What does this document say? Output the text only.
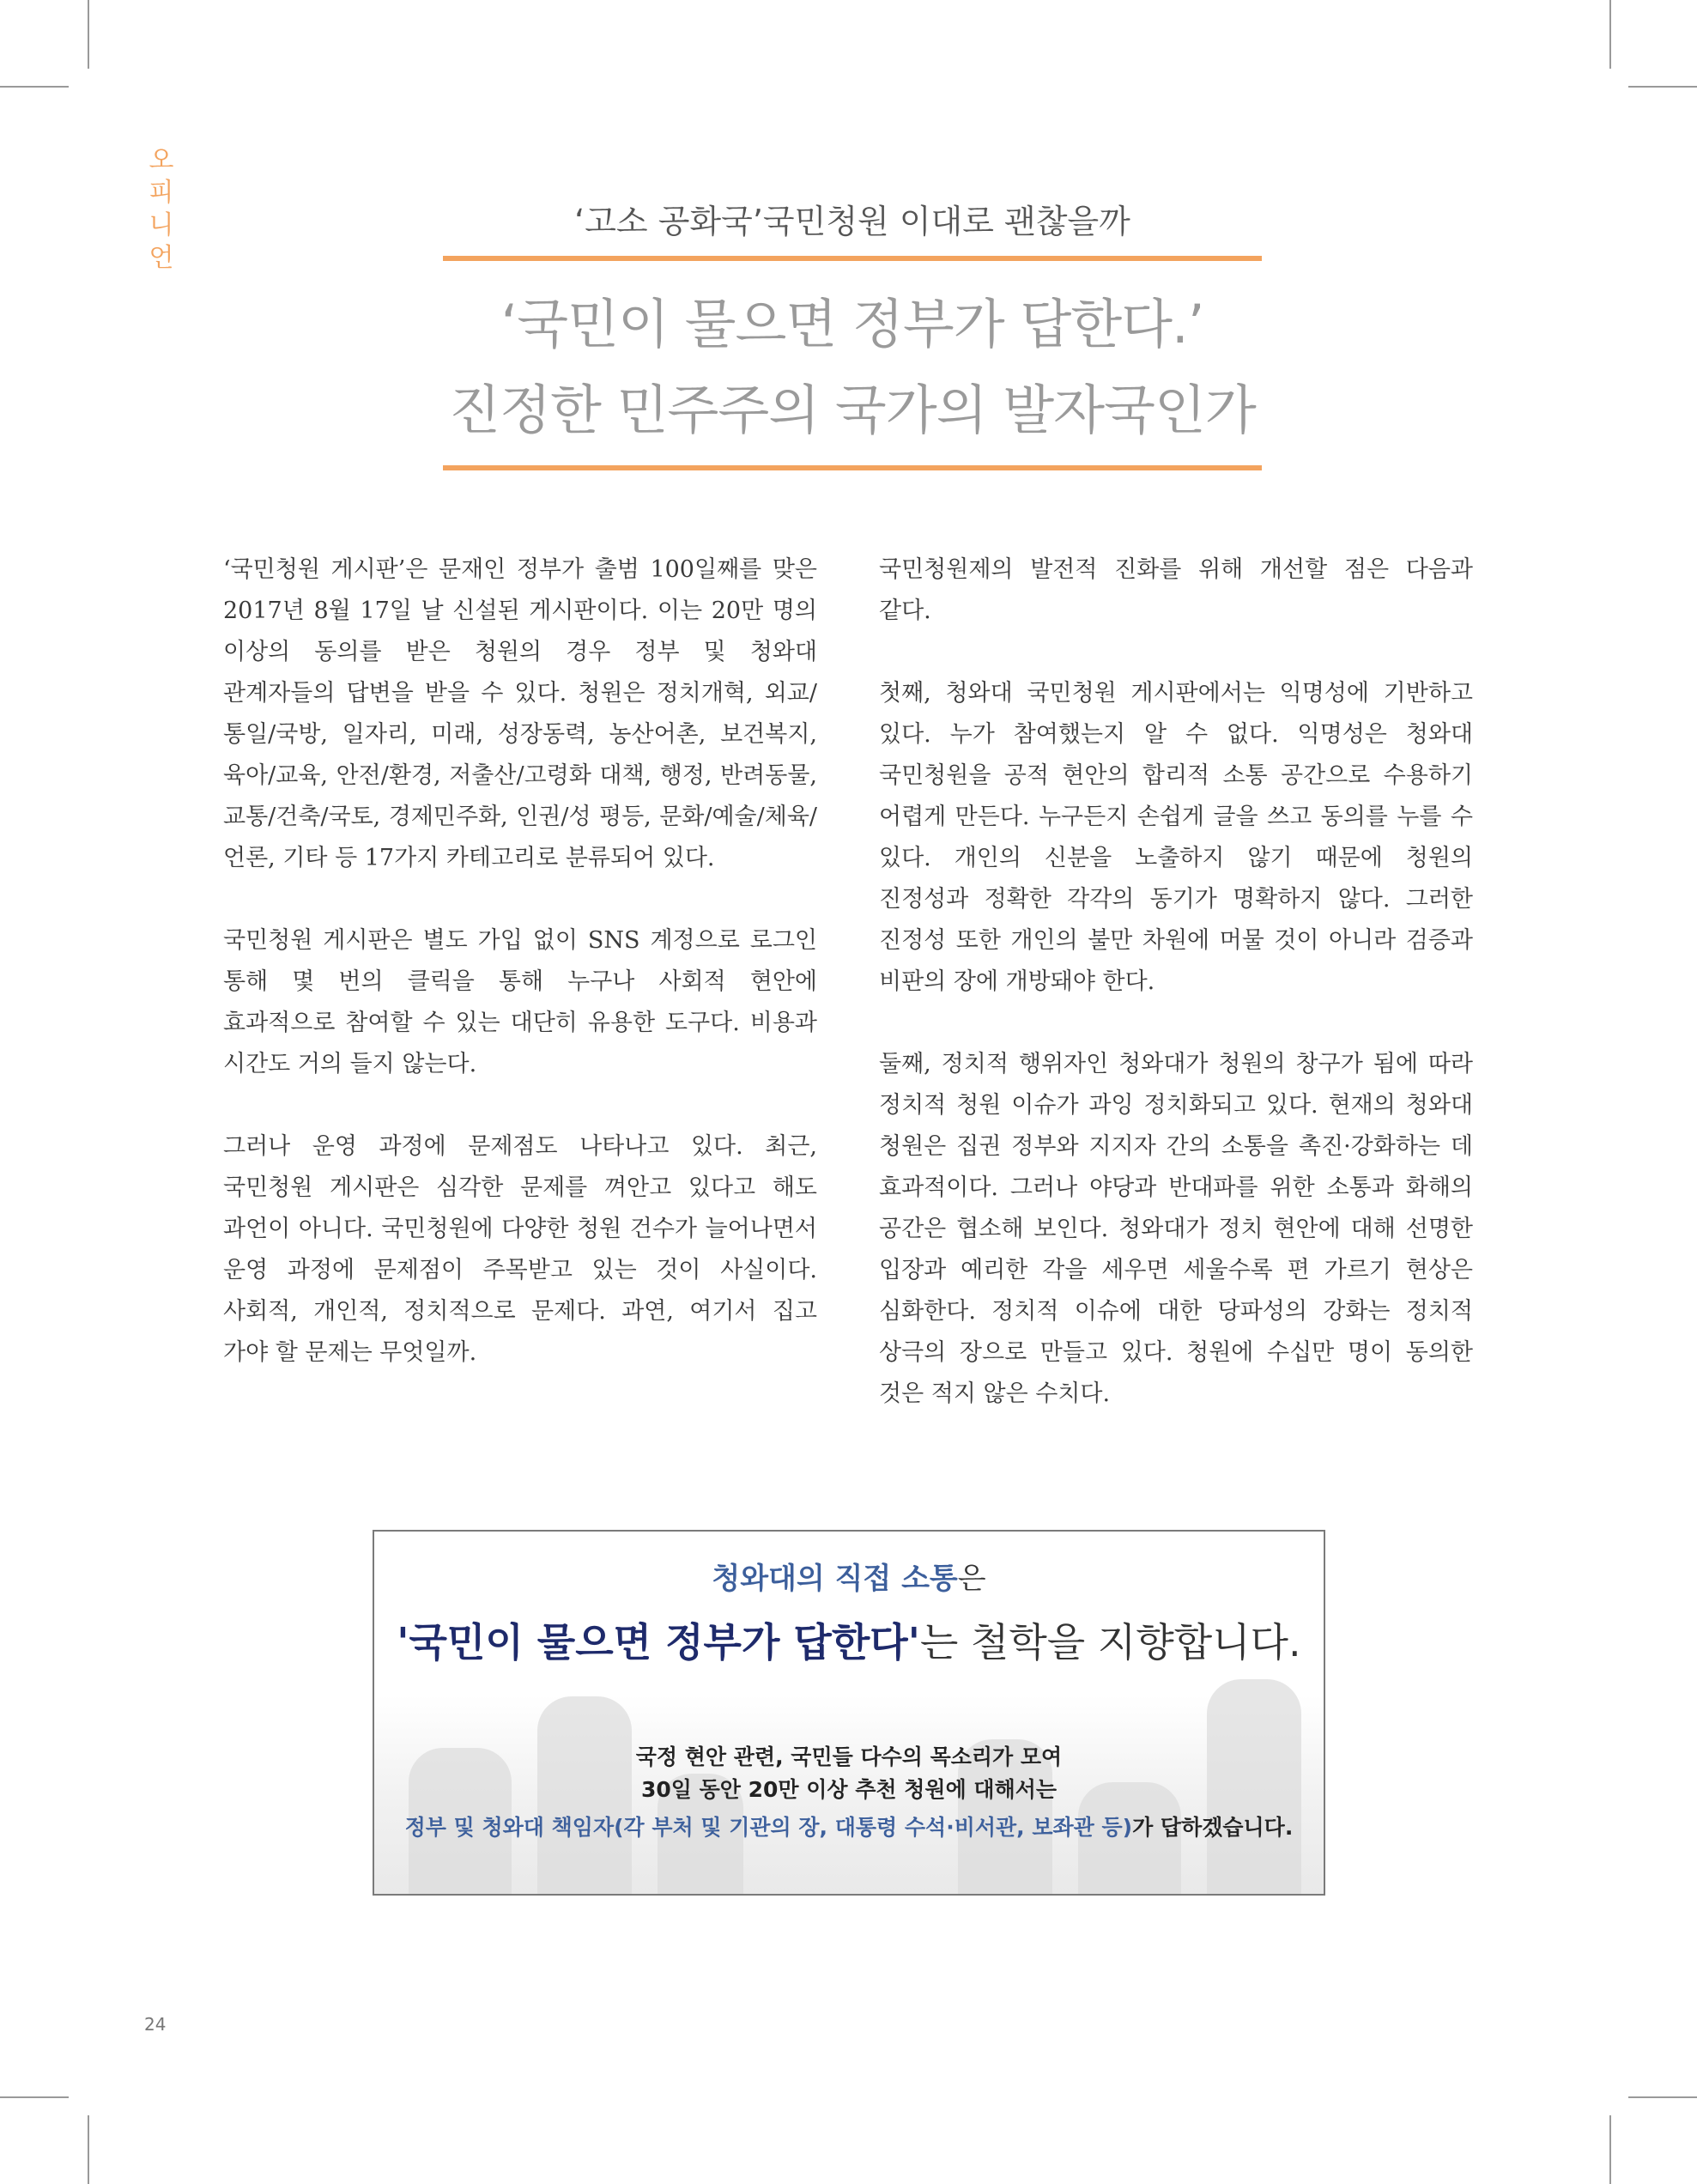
오
피
니
언
‘고소 공화국’국민청원 이대로 괜찮을까
‘국민이 물으면 정부가 답한다.’
진정한 민주주의 국가의 발자국인가

‘국민청원 게시판’은 문재인 정부가 출범 100일째를 맞은 2017년 8월 17일 날 신설된 게시판이다. 이는 20만 명의 이상의 동의를 받은 청원의 경우 정부 및 청와대 관계자들의 답변을 받을 수 있다. 청원은 정치개혁, 외교/통일/국방, 일자리, 미래, 성장동력, 농산어촌, 보건복지, 육아/교육, 안전/환경, 저출산/고령화 대책, 행정, 반려동물, 교통/건축/국토, 경제민주화, 인권/성 평등, 문화/예술/체육/언론, 기타 등 17가지 카테고리로 분류되어 있다.

국민청원 게시판은 별도 가입 없이 SNS 계정으로 로그인 통해 몇 번의 클릭을 통해 누구나 사회적 현안에 효과적으로 참여할 수 있는 대단히 유용한 도구다. 비용과 시간도 거의 들지 않는다.

그러나 운영 과정에 문제점도 나타나고 있다. 최근, 국민청원 게시판은 심각한 문제를 껴안고 있다고 해도 과언이 아니다. 국민청원에 다양한 청원 건수가 늘어나면서 운영 과정에 문제점이 주목받고 있는 것이 사실이다. 사회적, 개인적, 정치적으로 문제다. 과연, 여기서 집고 가야 할 문제는 무엇일까.

국민청원제의 발전적 진화를 위해 개선할 점은 다음과 같다.

첫째, 청와대 국민청원 게시판에서는 익명성에 기반하고 있다. 누가 참여했는지 알 수 없다. 익명성은 청와대 국민청원을 공적 현안의 합리적 소통 공간으로 수용하기 어렵게 만든다. 누구든지 손쉽게 글을 쓰고 동의를 누를 수 있다. 개인의 신분을 노출하지 않기 때문에 청원의 진정성과 정확한 각각의 동기가 명확하지 않다. 그러한 진정성 또한 개인의 불만 차원에 머물 것이 아니라 검증과 비판의 장에 개방돼야 한다.

둘째, 정치적 행위자인 청와대가 청원의 창구가 됨에 따라 정치적 청원 이슈가 과잉 정치화되고 있다. 현재의 청와대 청원은 집권 정부와 지지자 간의 소통을 촉진·강화하는 데 효과적이다. 그러나 야당과 반대파를 위한 소통과 화해의 공간은 협소해 보인다. 청와대가 정치 현안에 대해 선명한 입장과 예리한 각을 세우면 세울수록 편 가르기 현상은 심화한다. 정치적 이슈에 대한 당파성의 강화는 정치적 상극의 장으로 만들고 있다. 청원에 수십만 명이 동의한 것은 적지 않은 수치다.

청와대의 직접 소통은
'국민이 물으면 정부가 답한다'는 철학을 지향합니다.
국정 현안 관련, 국민들 다수의 목소리가 모여
30일 동안 20만 이상 추천 청원에 대해서는
정부 및 청와대 책임자(각 부처 및 기관의 장, 대통령 수석·비서관, 보좌관 등)가 답하겠습니다.
24
